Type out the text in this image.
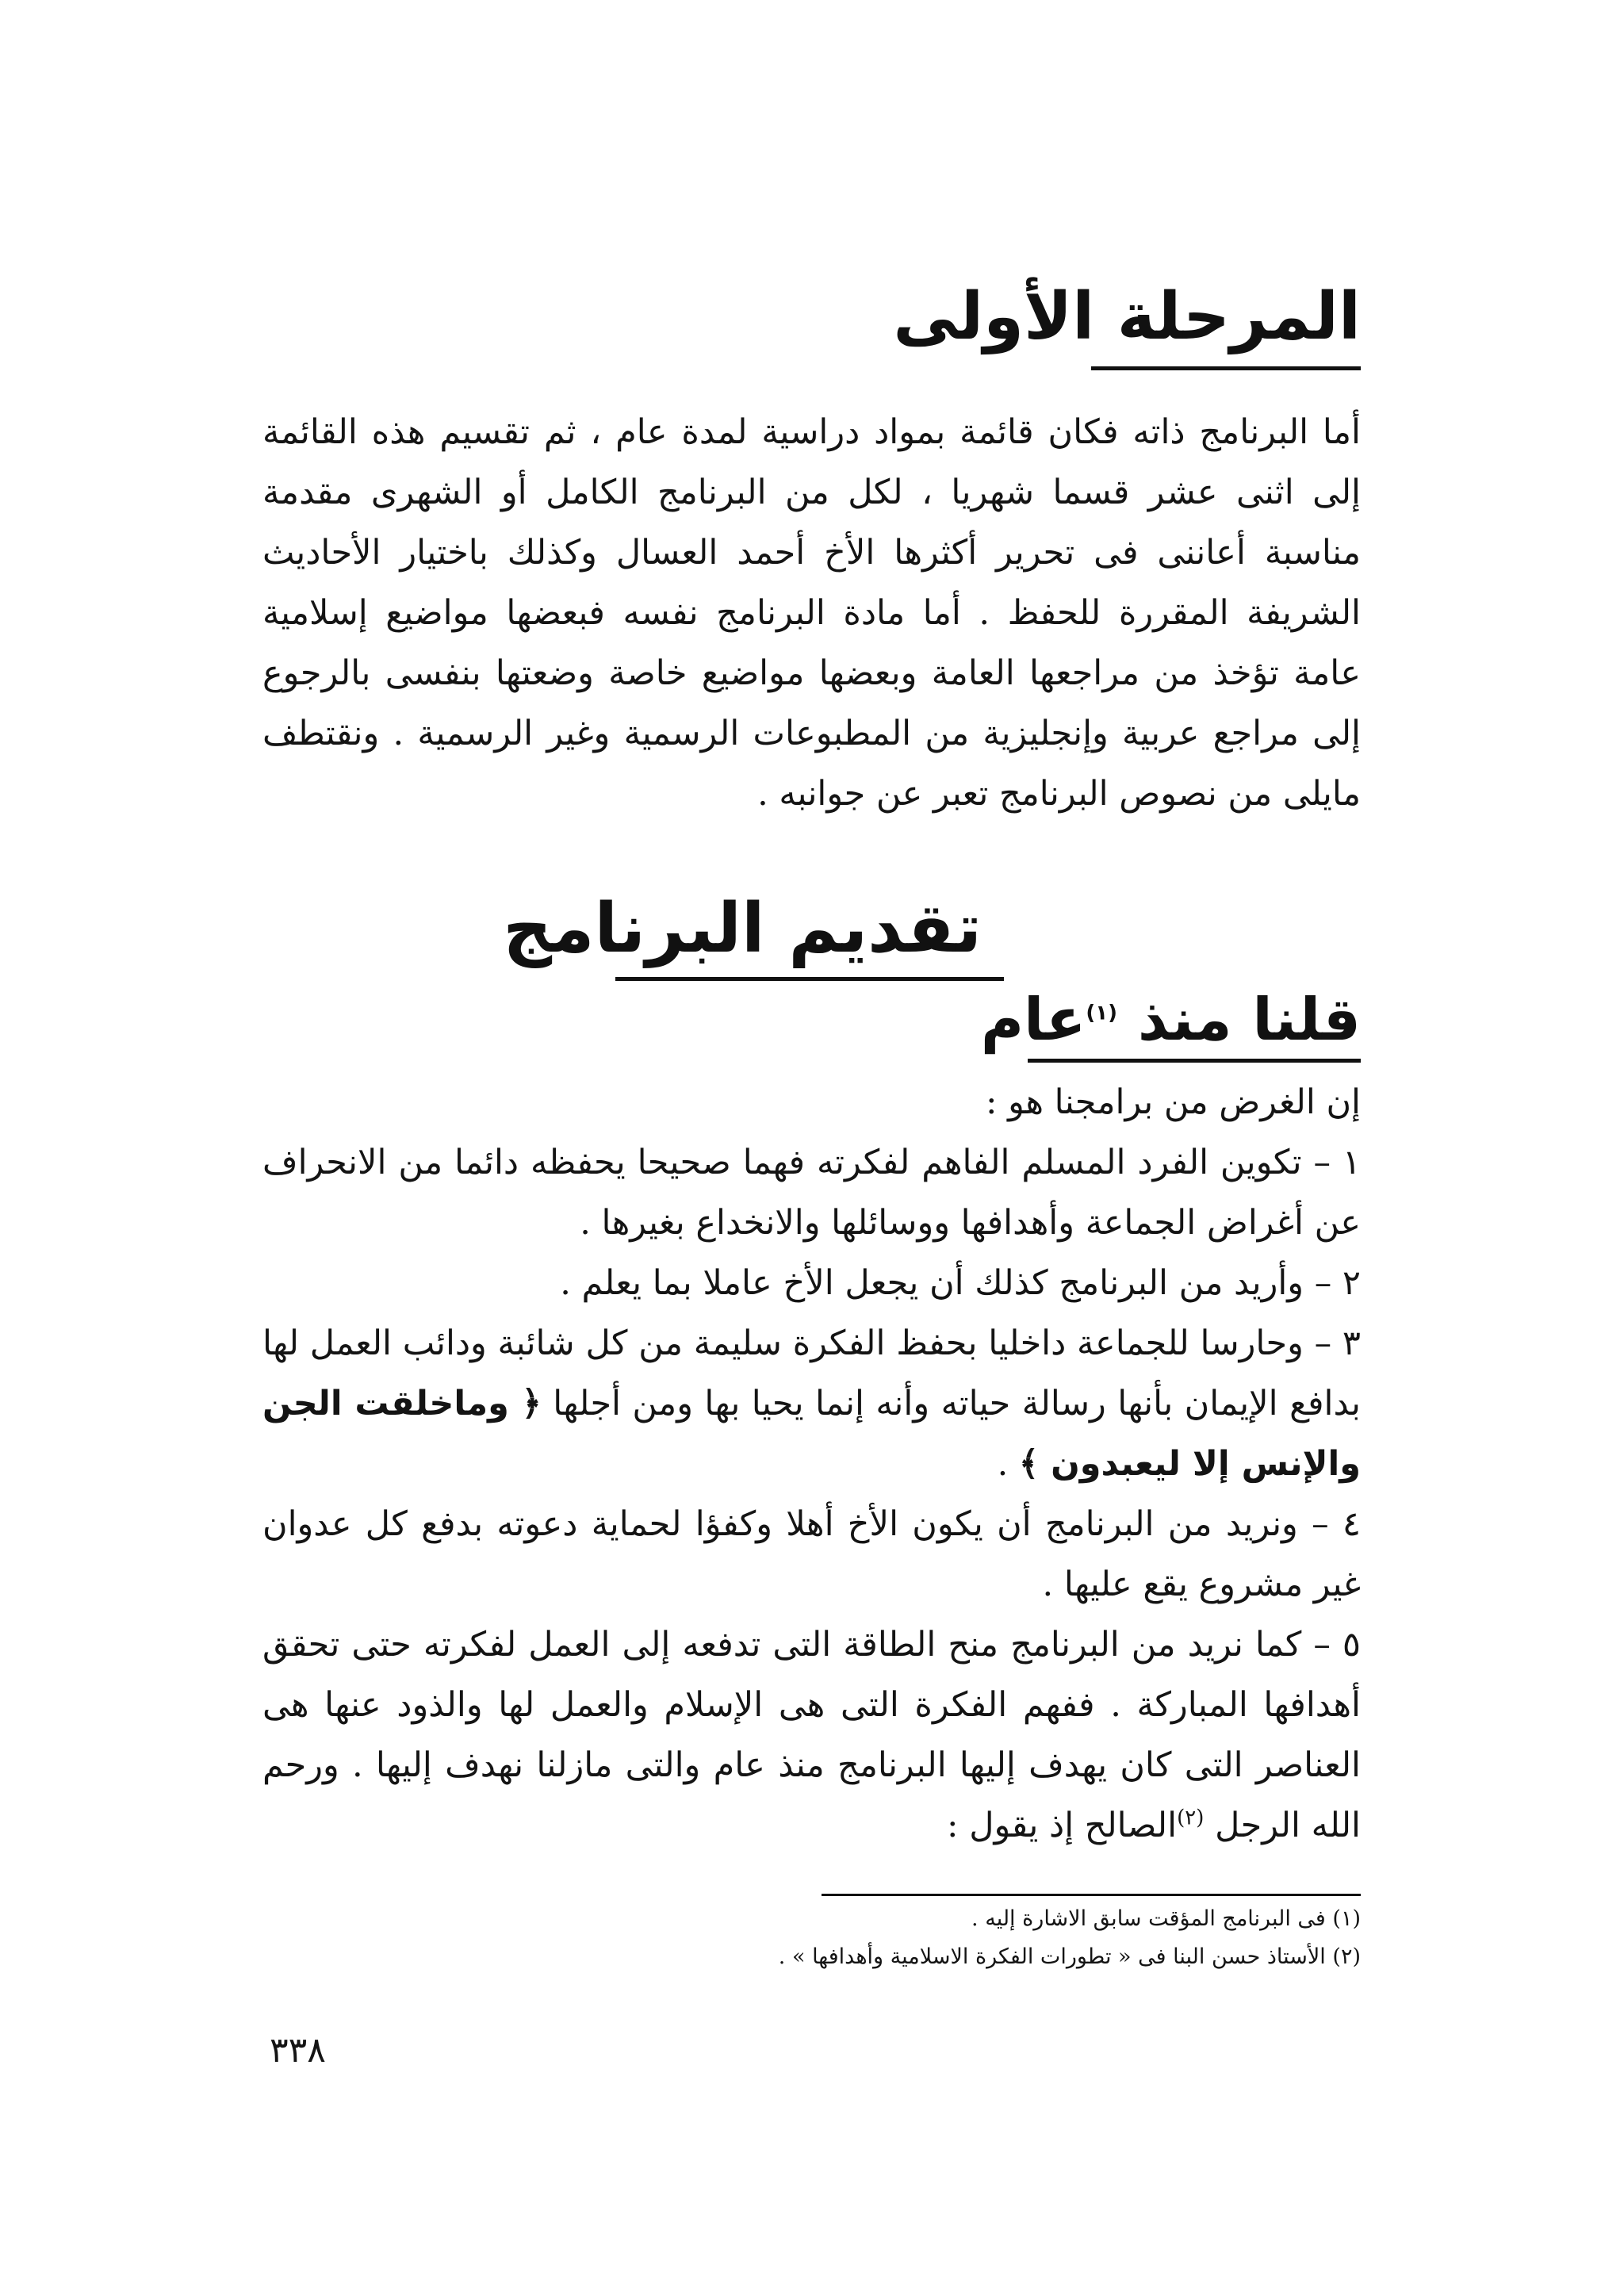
المرحلة الأولى
أما البرنامج ذاته فكان قائمة بمواد دراسية لمدة عام ، ثم تقسيم هذه القائمة إلى اثنى عشر قسما شهريا ، لكل من البرنامج الكامل أو الشهرى مقدمة مناسبة أعاننى فى تحرير أكثرها الأخ أحمد العسال وكذلك باختيار الأحاديث الشريفة المقررة للحفظ . أما مادة البرنامج نفسه فبعضها مواضيع إسلامية عامة تؤخذ من مراجعها العامة وبعضها مواضيع خاصة وضعتها بنفسى بالرجوع إلى مراجع عربية وإنجليزية من المطبوعات الرسمية وغير الرسمية . ونقتطف مايلى من نصوص البرنامج تعبر عن جوانبه .
تقديم البرنامج
قلنا منذ $^{(١)}$عام
إن الغرض من برامجنا هو :
١ – تكوين الفرد المسلم الفاهم لفكرته فهما صحيحا يحفظه دائما من الانحراف عن أغراض الجماعة وأهدافها ووسائلها والانخداع بغيرها .
٢ – وأريد من البرنامج كذلك أن يجعل الأخ عاملا بما يعلم .
٣ – وحارسا للجماعة داخليا بحفظ الفكرة سليمة من كل شائبة ودائب العمل لها بدافع الإيمان بأنها رسالة حياته وأنه إنما يحيا بها ومن أجلها ﴿ وماخلقت الجن والإنس إلا ليعبدون ﴾ .
٤ – ونريد من البرنامج أن يكون الأخ أهلا وكفؤا لحماية دعوته بدفع كل عدوان غير مشروع يقع عليها .
٥ – كما نريد من البرنامج منح الطاقة التى تدفعه إلى العمل لفكرته حتى تحقق أهدافها المباركة . ففهم الفكرة التى هى الإسلام والعمل لها والذود عنها هى العناصر التى كان يهدف إليها البرنامج منذ عام والتى مازلنا نهدف إليها . ورحم الله الرجل $^{(٢)}$الصالح إذ يقول :
(١) فى البرنامج المؤقت سابق الاشارة إليه .
(٢) الأستاذ حسن البنا فى « تطورات الفكرة الاسلامية وأهدافها » .
٣٣٨
